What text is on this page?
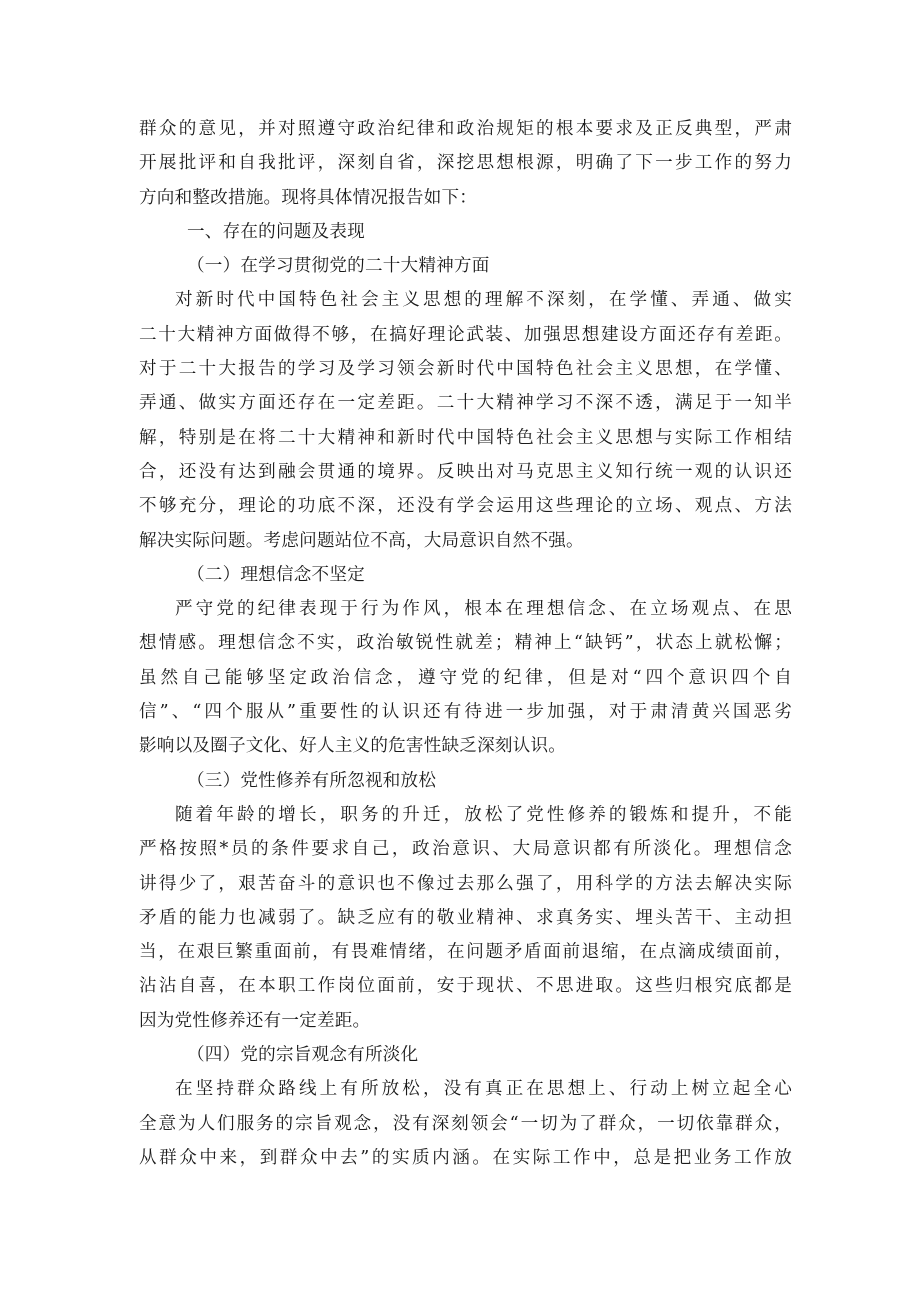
群众的意见，并对照遵守政治纪律和政治规矩的根本要求及正反典型，严肃
开展批评和自我批评，深刻自省，深挖思想根源，明确了下一步工作的努力
方向和整改措施。现将具体情况报告如下：
一、存在的问题及表现
（一）在学习贯彻党的二十大精神方面
对新时代中国特色社会主义思想的理解不深刻，在学懂、弄通、做实
二十大精神方面做得不够，在搞好理论武装、加强思想建设方面还存有差距。
对于二十大报告的学习及学习领会新时代中国特色社会主义思想，在学懂、
弄通、做实方面还存在一定差距。二十大精神学习不深不透，满足于一知半
解，特别是在将二十大精神和新时代中国特色社会主义思想与实际工作相结
合，还没有达到融会贯通的境界。反映出对马克思主义知行统一观的认识还
不够充分，理论的功底不深，还没有学会运用这些理论的立场、观点、方法
解决实际问题。考虑问题站位不高，大局意识自然不强。
（二）理想信念不坚定
严守党的纪律表现于行为作风，根本在理想信念、在立场观点、在思
想情感。理想信念不实，政治敏锐性就差；精神上“缺钙”，状态上就松懈；
虽然自己能够坚定政治信念，遵守党的纪律，但是对“四个意识四个自
信”、“四个服从”重要性的认识还有待进一步加强，对于肃清黄兴国恶劣
影响以及圈子文化、好人主义的危害性缺乏深刻认识。
（三）党性修养有所忽视和放松
随着年龄的增长，职务的升迁，放松了党性修养的锻炼和提升，不能
严格按照*员的条件要求自己，政治意识、大局意识都有所淡化。理想信念
讲得少了，艰苦奋斗的意识也不像过去那么强了，用科学的方法去解决实际
矛盾的能力也减弱了。缺乏应有的敬业精神、求真务实、埋头苦干、主动担
当，在艰巨繁重面前，有畏难情绪，在问题矛盾面前退缩，在点滴成绩面前，
沾沾自喜，在本职工作岗位面前，安于现状、不思进取。这些归根究底都是
因为党性修养还有一定差距。
（四）党的宗旨观念有所淡化
在坚持群众路线上有所放松，没有真正在思想上、行动上树立起全心
全意为人们服务的宗旨观念，没有深刻领会“一切为了群众，一切依靠群众，
从群众中来，到群众中去”的实质内涵。在实际工作中，总是把业务工作放
